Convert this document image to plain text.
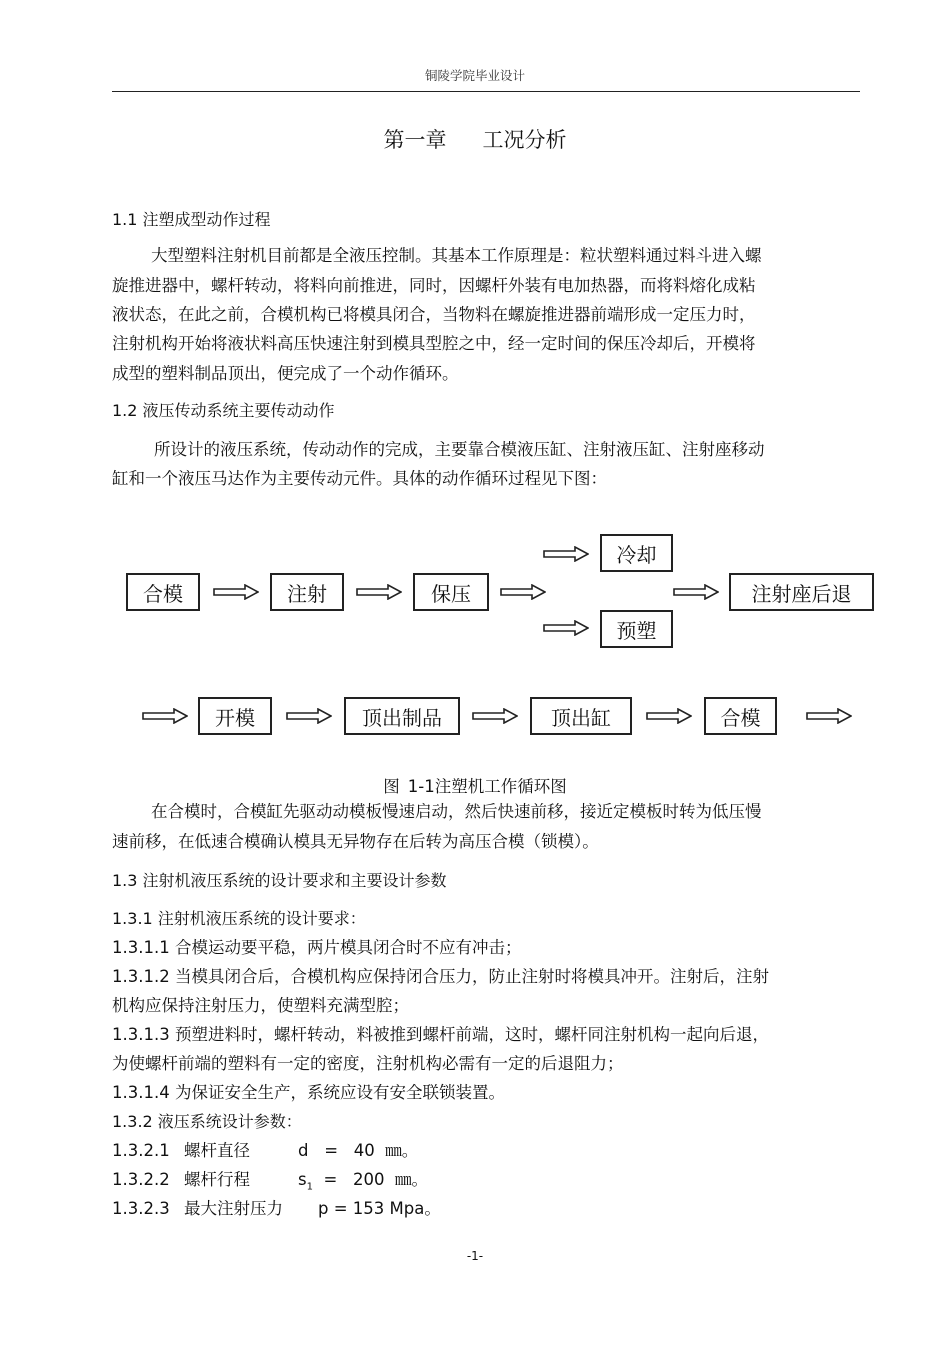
铜陵学院毕业设计
第一章 工况分析
1.1 注塑成型动作过程
大型塑料注射机目前都是全液压控制。其基本工作原理是：粒状塑料通过料斗进入螺
旋推进器中，螺杆转动，将料向前推进，同时，因螺杆外装有电加热器，而将料熔化成粘
液状态，在此之前，合模机构已将模具闭合，当物料在螺旋推进器前端形成一定压力时，
注射机构开始将液状料高压快速注射到模具型腔之中，经一定时间的保压冷却后，开模将
成型的塑料制品顶出，便完成了一个动作循环。
1.2 液压传动系统主要传动动作
所设计的液压系统，传动动作的完成，主要靠合模液压缸、注射液压缸、注射座移动
缸和一个液压马达作为主要传动元件。具体的动作循环过程见下图：
合模	注射	保压
冷却
预塑
注射座后退
开模	顶出制品	顶出缸	合模
图 1-1注塑机工作循环图
在合模时，合模缸先驱动动模板慢速启动，然后快速前移，接近定模板时转为低压慢
速前移，在低速合模确认模具无异物存在后转为高压合模（锁模）。
1.3 注射机液压系统的设计要求和主要设计参数
1.3.1 注射机液压系统的设计要求：
1.3.1.1 合模运动要平稳，两片模具闭合时不应有冲击；
1.3.1.2 当模具闭合后，合模机构应保持闭合压力，防止注射时将模具冲开。注射后，注射
机构应保持注射压力，使塑料充满型腔；
1.3.1.3 预塑进料时，螺杆转动，料被推到螺杆前端，这时，螺杆同注射机构一起向后退，
为使螺杆前端的塑料有一定的密度，注射机构必需有一定的后退阻力；
1.3.1.4 为保证安全生产，系统应设有安全联锁装置。
1.3.2 液压系统设计参数：
1.3.2.1 螺杆直径	d   =   40  ㎜。
1.3.2.2 螺杆行程	$s_1 = 200$  ㎜。
1.3.2.3 最大注射压力 p = 153 Mpa。
-1-
